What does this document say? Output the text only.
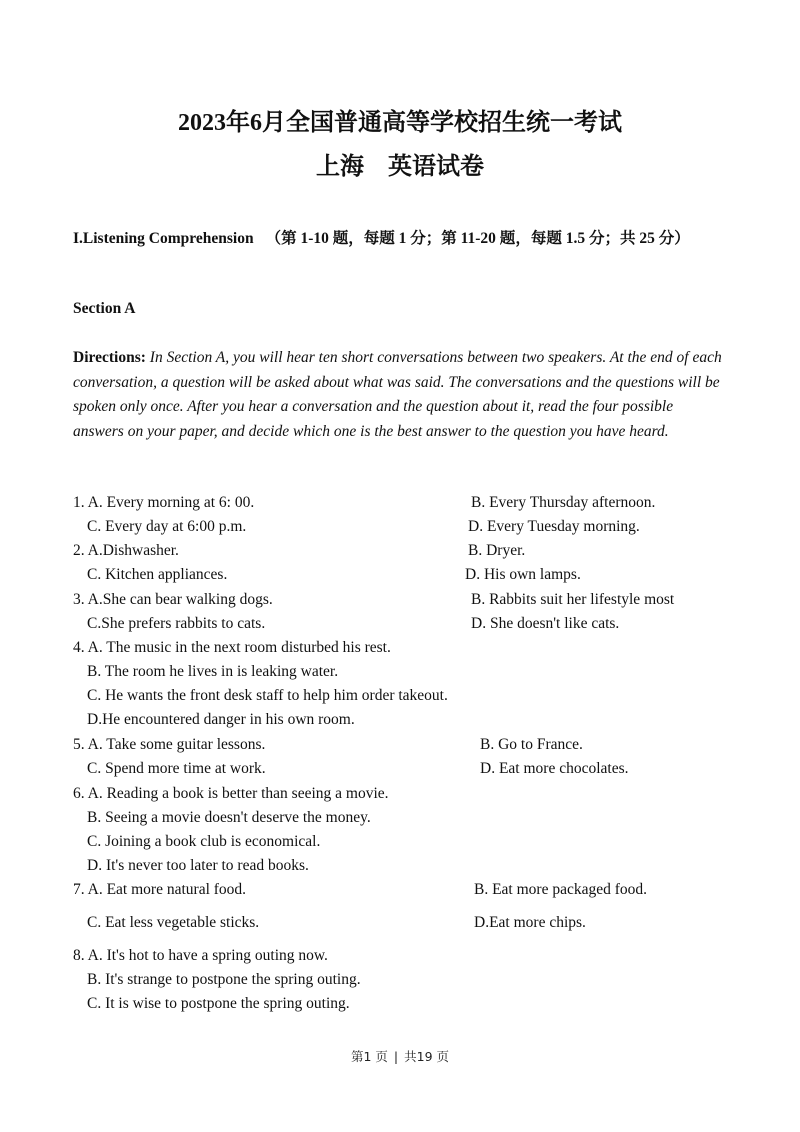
2023年6月全国普通高等学校招生统一考试
上海　英语试卷
I.Listening Comprehension （第 1-10 题，每题 1 分；第 11-20 题，每题 1.5 分；共 25 分）
Section A
Directions: In Section A, you will hear ten short conversations between two speakers. At the end of each conversation, a question will be asked about what was said. The conversations and the questions will be spoken only once. After you hear a conversation and the question about it, read the four possible answers on your paper, and decide which one is the best answer to the question you have heard.
1. A. Every morning at 6: 00.	B. Every Thursday afternoon.
C. Every day at 6:00 p.m.	D. Every Tuesday morning.
2. A.Dishwasher.	B. Dryer.
C. Kitchen appliances.	D. His own lamps.
3. A.She can bear walking dogs.	B. Rabbits suit her lifestyle most
C.She prefers rabbits to cats.	D. She doesn't like cats.
4. A. The music in the next room disturbed his rest.
B. The room he lives in is leaking water.
C. He wants the front desk staff to help him order takeout.
D.He encountered danger in his own room.
5. A. Take some guitar lessons.	B. Go to France.
C. Spend more time at work.	D. Eat more chocolates.
6. A. Reading a book is better than seeing a movie.
B. Seeing a movie doesn't deserve the money.
C. Joining a book club is economical.
D. It's never too later to read books.
7. A. Eat more natural food.	B. Eat more packaged food.
C. Eat less vegetable sticks.	D.Eat more chips.
8. A. It's hot to have a spring outing now.
B. It's strange to postpone the spring outing.
C. It is wise to postpone the spring outing.
第1 页 | 共19 页
